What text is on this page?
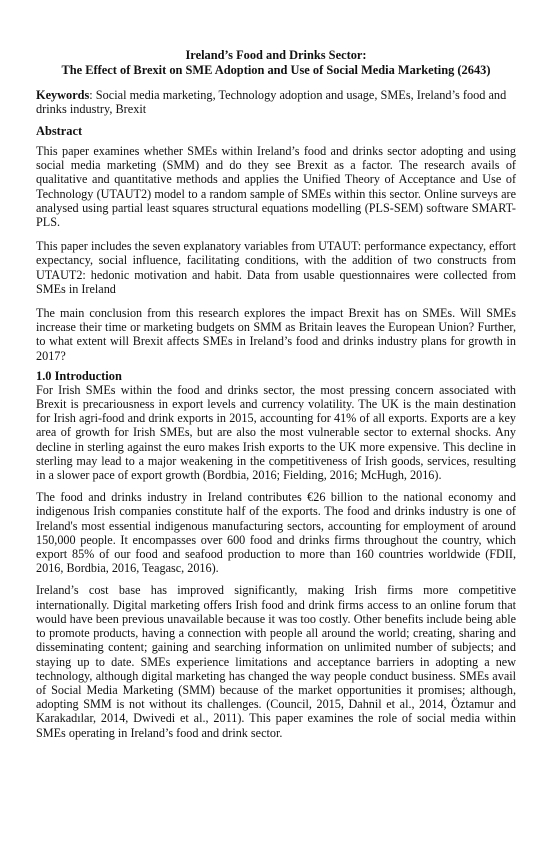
Ireland’s Food and Drinks Sector:
The Effect of Brexit on SME Adoption and Use of Social Media Marketing (2643)

Keywords: Social media marketing, Technology adoption and usage, SMEs, Ireland’s food and drinks industry, Brexit

Abstract

This paper examines whether SMEs within Ireland’s food and drinks sector adopting and using social media marketing (SMM) and do they see Brexit as a factor. The research avails of qualitative and quantitative methods and applies the Unified Theory of Acceptance and Use of Technology (UTAUT2) model to a random sample of SMEs within this sector. Online surveys are analysed using partial least squares structural equations modelling (PLS-SEM) software SMART-PLS.

This paper includes the seven explanatory variables from UTAUT: performance expectancy, effort expectancy, social influence, facilitating conditions, with the addition of two constructs from UTAUT2: hedonic motivation and habit. Data from usable questionnaires were collected from SMEs in Ireland

The main conclusion from this research explores the impact Brexit has on SMEs. Will SMEs increase their time or marketing budgets on SMM as Britain leaves the European Union? Further, to what extent will Brexit affects SMEs in Ireland’s food and drinks industry plans for growth in 2017?

1.0 Introduction

For Irish SMEs within the food and drinks sector, the most pressing concern associated with Brexit is precariousness in export levels and currency volatility. The UK is the main destination for Irish agri-food and drink exports in 2015, accounting for 41% of all exports. Exports are a key area of growth for Irish SMEs, but are also the most vulnerable sector to external shocks. Any decline in sterling against the euro makes Irish exports to the UK more expensive. This decline in sterling may lead to a major weakening in the competitiveness of Irish goods, services, resulting in a slower pace of export growth (Bordbia, 2016; Fielding, 2016; McHugh, 2016).

The food and drinks industry in Ireland contributes €26 billion to the national economy and indigenous Irish companies constitute half of the exports. The food and drinks industry is one of Ireland's most essential indigenous manufacturing sectors, accounting for employment of around 150,000 people. It encompasses over 600 food and drinks firms throughout the country, which export 85% of our food and seafood production to more than 160 countries worldwide (FDII, 2016, Bordbia, 2016, Teagasc, 2016).

Ireland’s cost base has improved significantly, making Irish firms more competitive internationally. Digital marketing offers Irish food and drink firms access to an online forum that would have been previous unavailable because it was too costly. Other benefits include being able to promote products, having a connection with people all around the world; creating, sharing and disseminating content; gaining and searching information on unlimited number of subjects; and staying up to date. SMEs experience limitations and acceptance barriers in adopting a new technology, although digital marketing has changed the way people conduct business. SMEs avail of Social Media Marketing (SMM) because of the market opportunities it promises; although, adopting SMM is not without its challenges. (Council, 2015, Dahnil et al., 2014, Öztamur and Karakadılar, 2014, Dwivedi et al., 2011). This paper examines the role of social media within SMEs operating in Ireland’s food and drink sector.
